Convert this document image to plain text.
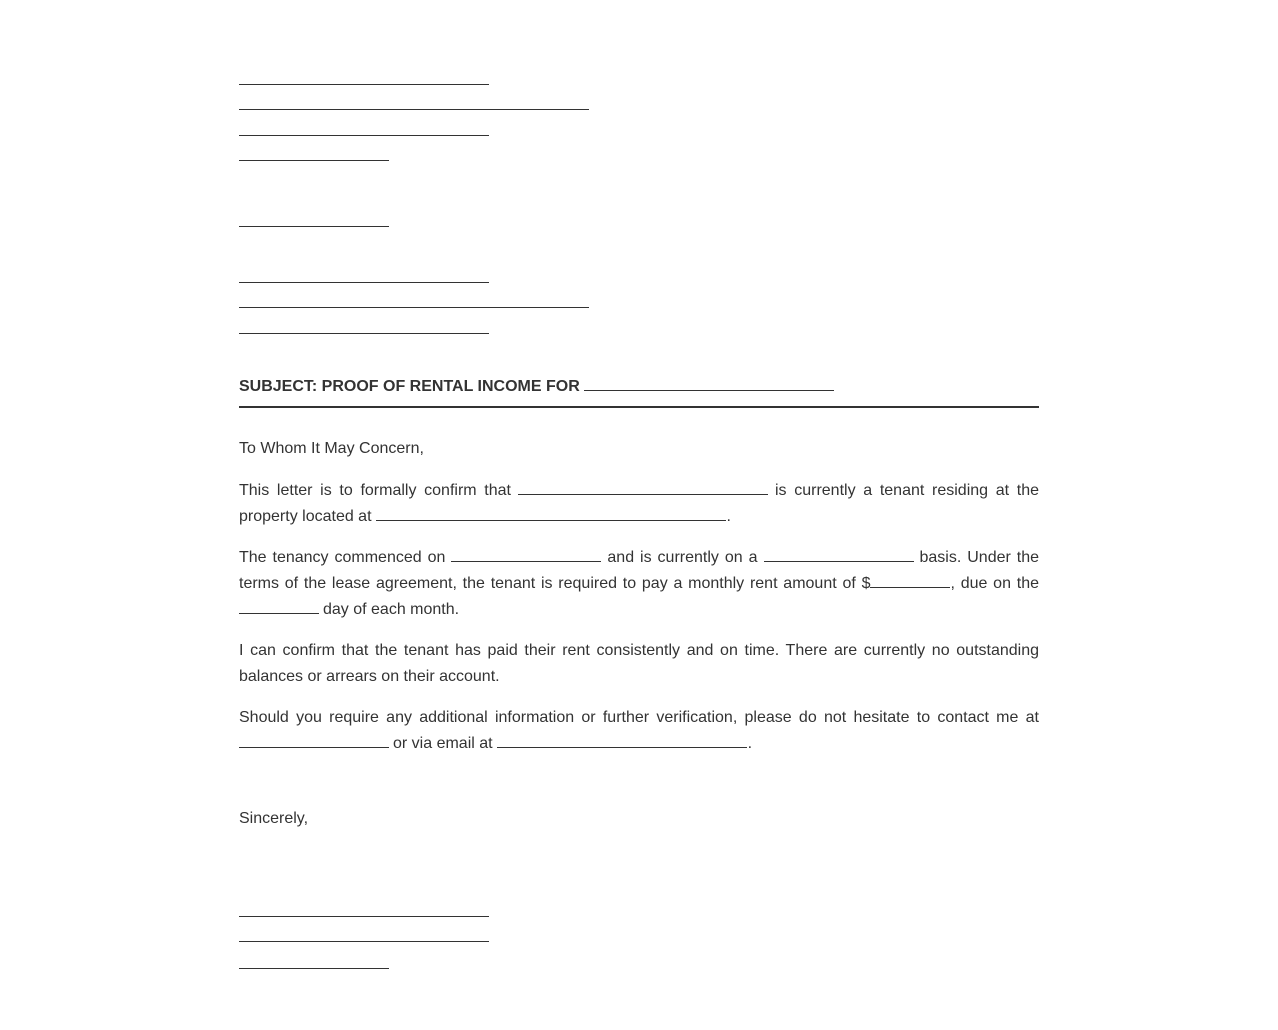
SUBJECT: PROOF OF RENTAL INCOME FOR

To Whom It May Concern,

This letter is to formally confirm that	is currently a tenant residing at the property located at	.

The tenancy commenced on	and is currently on a	basis. Under the terms of the lease agreement, the tenant is required to pay a monthly rent amount of $	, due on the day of each month.

I can confirm that the tenant has paid their rent consistently and on time. There are currently no outstanding balances or arrears on their account.

Should you require any additional information or further verification, please do not hesitate to contact me at or via email at	.

Sincerely,
